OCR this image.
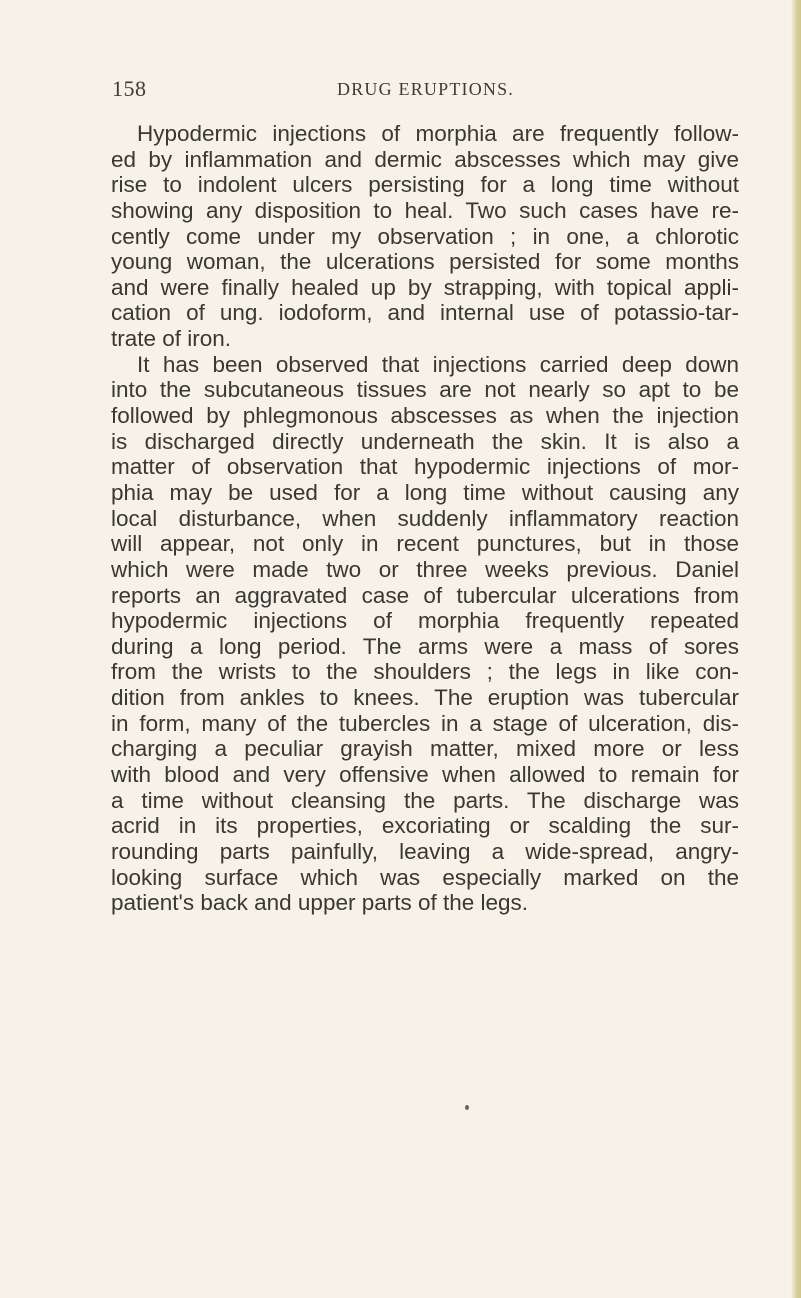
158	DRUG ERUPTIONS.
Hypodermic injections of morphia are frequently follow-
ed by inflammation and dermic abscesses which may give
rise to indolent ulcers persisting for a long time without
showing any disposition to heal. Two such cases have re-
cently come under my observation ; in one, a chlorotic
young woman, the ulcerations persisted for some months
and were finally healed up by strapping, with topical appli-
cation of ung. iodoform, and internal use of potassio-tar-
trate of iron.
It has been observed that injections carried deep down
into the subcutaneous tissues are not nearly so apt to be
followed by phlegmonous abscesses as when the injection
is discharged directly underneath the skin. It is also a
matter of observation that hypodermic injections of mor-
phia may be used for a long time without causing any
local disturbance, when suddenly inflammatory reaction
will appear, not only in recent punctures, but in those
which were made two or three weeks previous. Daniel
reports an aggravated case of tubercular ulcerations from
hypodermic injections of morphia frequently repeated
during a long period. The arms were a mass of sores
from the wrists to the shoulders ; the legs in like con-
dition from ankles to knees. The eruption was tubercular
in form, many of the tubercles in a stage of ulceration, dis-
charging a peculiar grayish matter, mixed more or less
with blood and very offensive when allowed to remain for
a time without cleansing the parts. The discharge was
acrid in its properties, excoriating or scalding the sur-
rounding parts painfully, leaving a wide-spread, angry-
looking surface which was especially marked on the
patient's back and upper parts of the legs.
